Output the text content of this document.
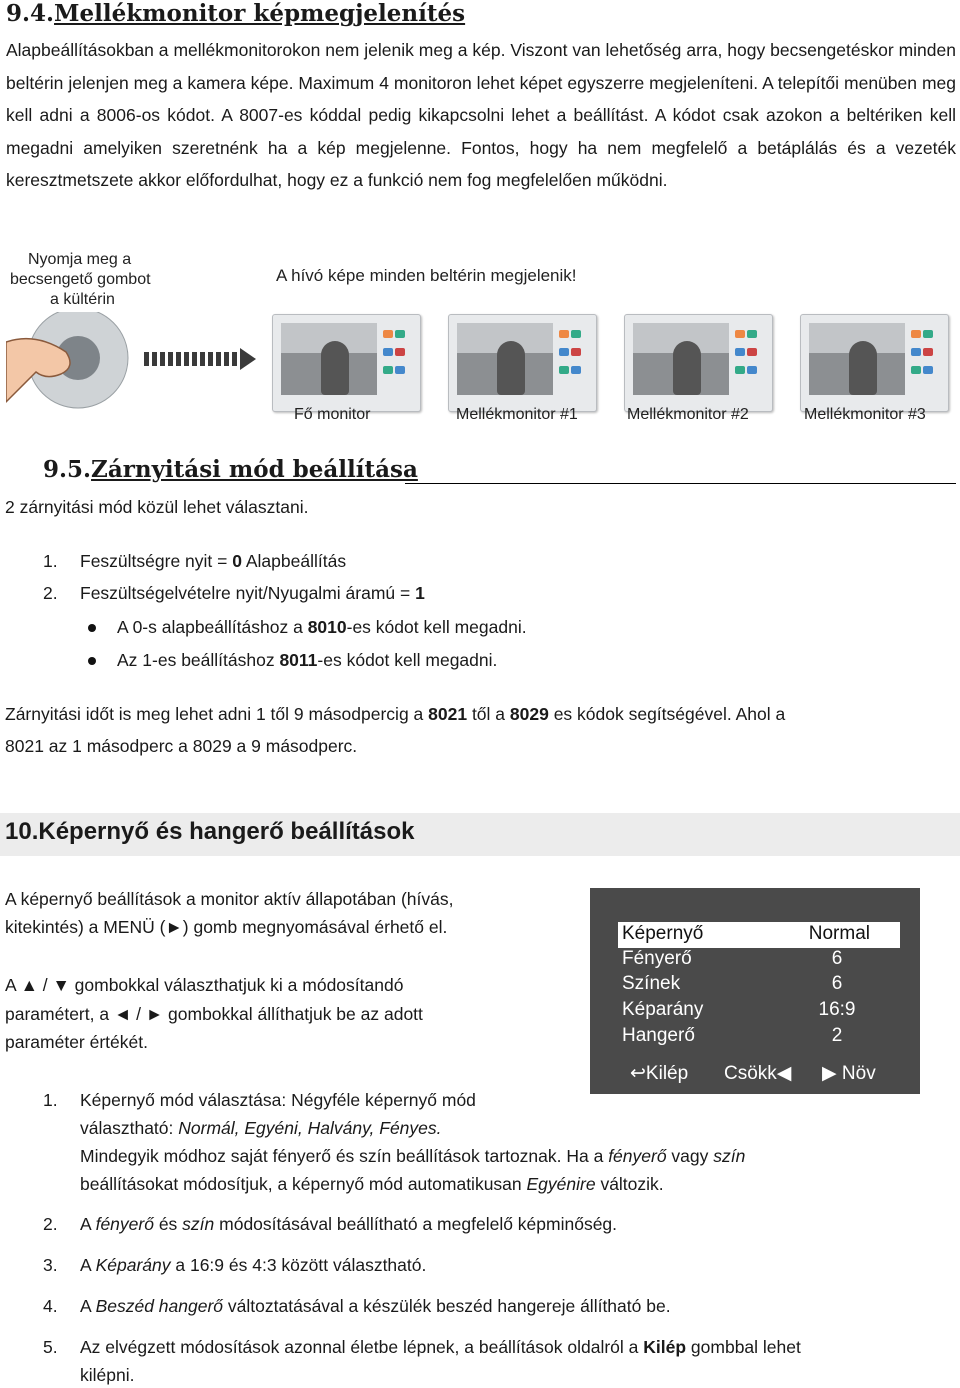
9.4.Mellékmonitor képmegjelenítés
Alapbeállításokban a mellékmonitorokon nem jelenik meg a kép. Viszont van lehetőség arra, hogy becsengetéskor minden beltérin jelenjen meg a kamera képe. Maximum 4 monitoron lehet képet egyszerre megjeleníteni. A telepítői menüben meg kell adni a 8006-os kódot. A 8007-es kóddal pedig kikapcsolni lehet a beállítást. A kódot csak azokon a beltériken kell megadni amelyiken szeretnénk ha a kép megjelenne. Fontos, hogy ha nem megfelelő a betáplálás és a vezeték keresztmetszete akkor előfordulhat, hogy ez a funkció nem fog megfelelően működni.
Nyomja meg a
becsengető gombot
a kültérin
A hívó képe minden beltérin megjelenik!
Fő monitor	Mellékmonitor #1	Mellékmonitor #2	Mellékmonitor #3
9.5.Zárnyitási mód beállítása
2 zárnyitási mód közül lehet választani.
1. Feszültségre nyit = 0 Alapbeállítás
2. Feszültségelvételre nyit/Nyugalmi áramú = 1
A 0-s alapbeállításhoz a 8010-es kódot kell megadni.
Az 1-es beállításhoz 8011-es kódot kell megadni.
Zárnyitási időt is meg lehet adni 1 től 9 másodpercig a 8021 től a 8029 es kódok segítségével. Ahol a
8021 az 1 másodperc a 8029 a 9 másodperc.
10.Képernyő és hangerő beállítások
A képernyő beállítások a monitor aktív állapotában (hívás,
kitekintés) a MENÜ (►) gomb megnyomásával érhető el.
A ▲ / ▼ gombokkal választhatjuk ki a módosítandó
paramétert, a ◄ / ► gombokkal állíthatjuk be az adott
paraméter értékét.
Képernyő	Normal
Fényerő	6
Színek	6
Képarány	16:9
Hangerő	2
↩Kilép Csökk◀ ▶ Növ
1. Képernyő mód választása: Négyféle képernyő mód
választható: Normál, Egyéni, Halvány, Fényes.
Mindegyik módhoz saját fényerő és szín beállítások tartoznak. Ha a fényerő vagy szín
beállításokat módosítjuk, a képernyő mód automatikusan Egyénire változik.
2. A fényerő és szín módosításával beállítható a megfelelő képminőség.
3. A Képarány a 16:9 és 4:3 között választható.
4. A Beszéd hangerő változtatásával a készülék beszéd hangereje állítható be.
5. Az elvégzett módosítások azonnal életbe lépnek, a beállítások oldalról a Kilép gombbal lehet
kilépni.
